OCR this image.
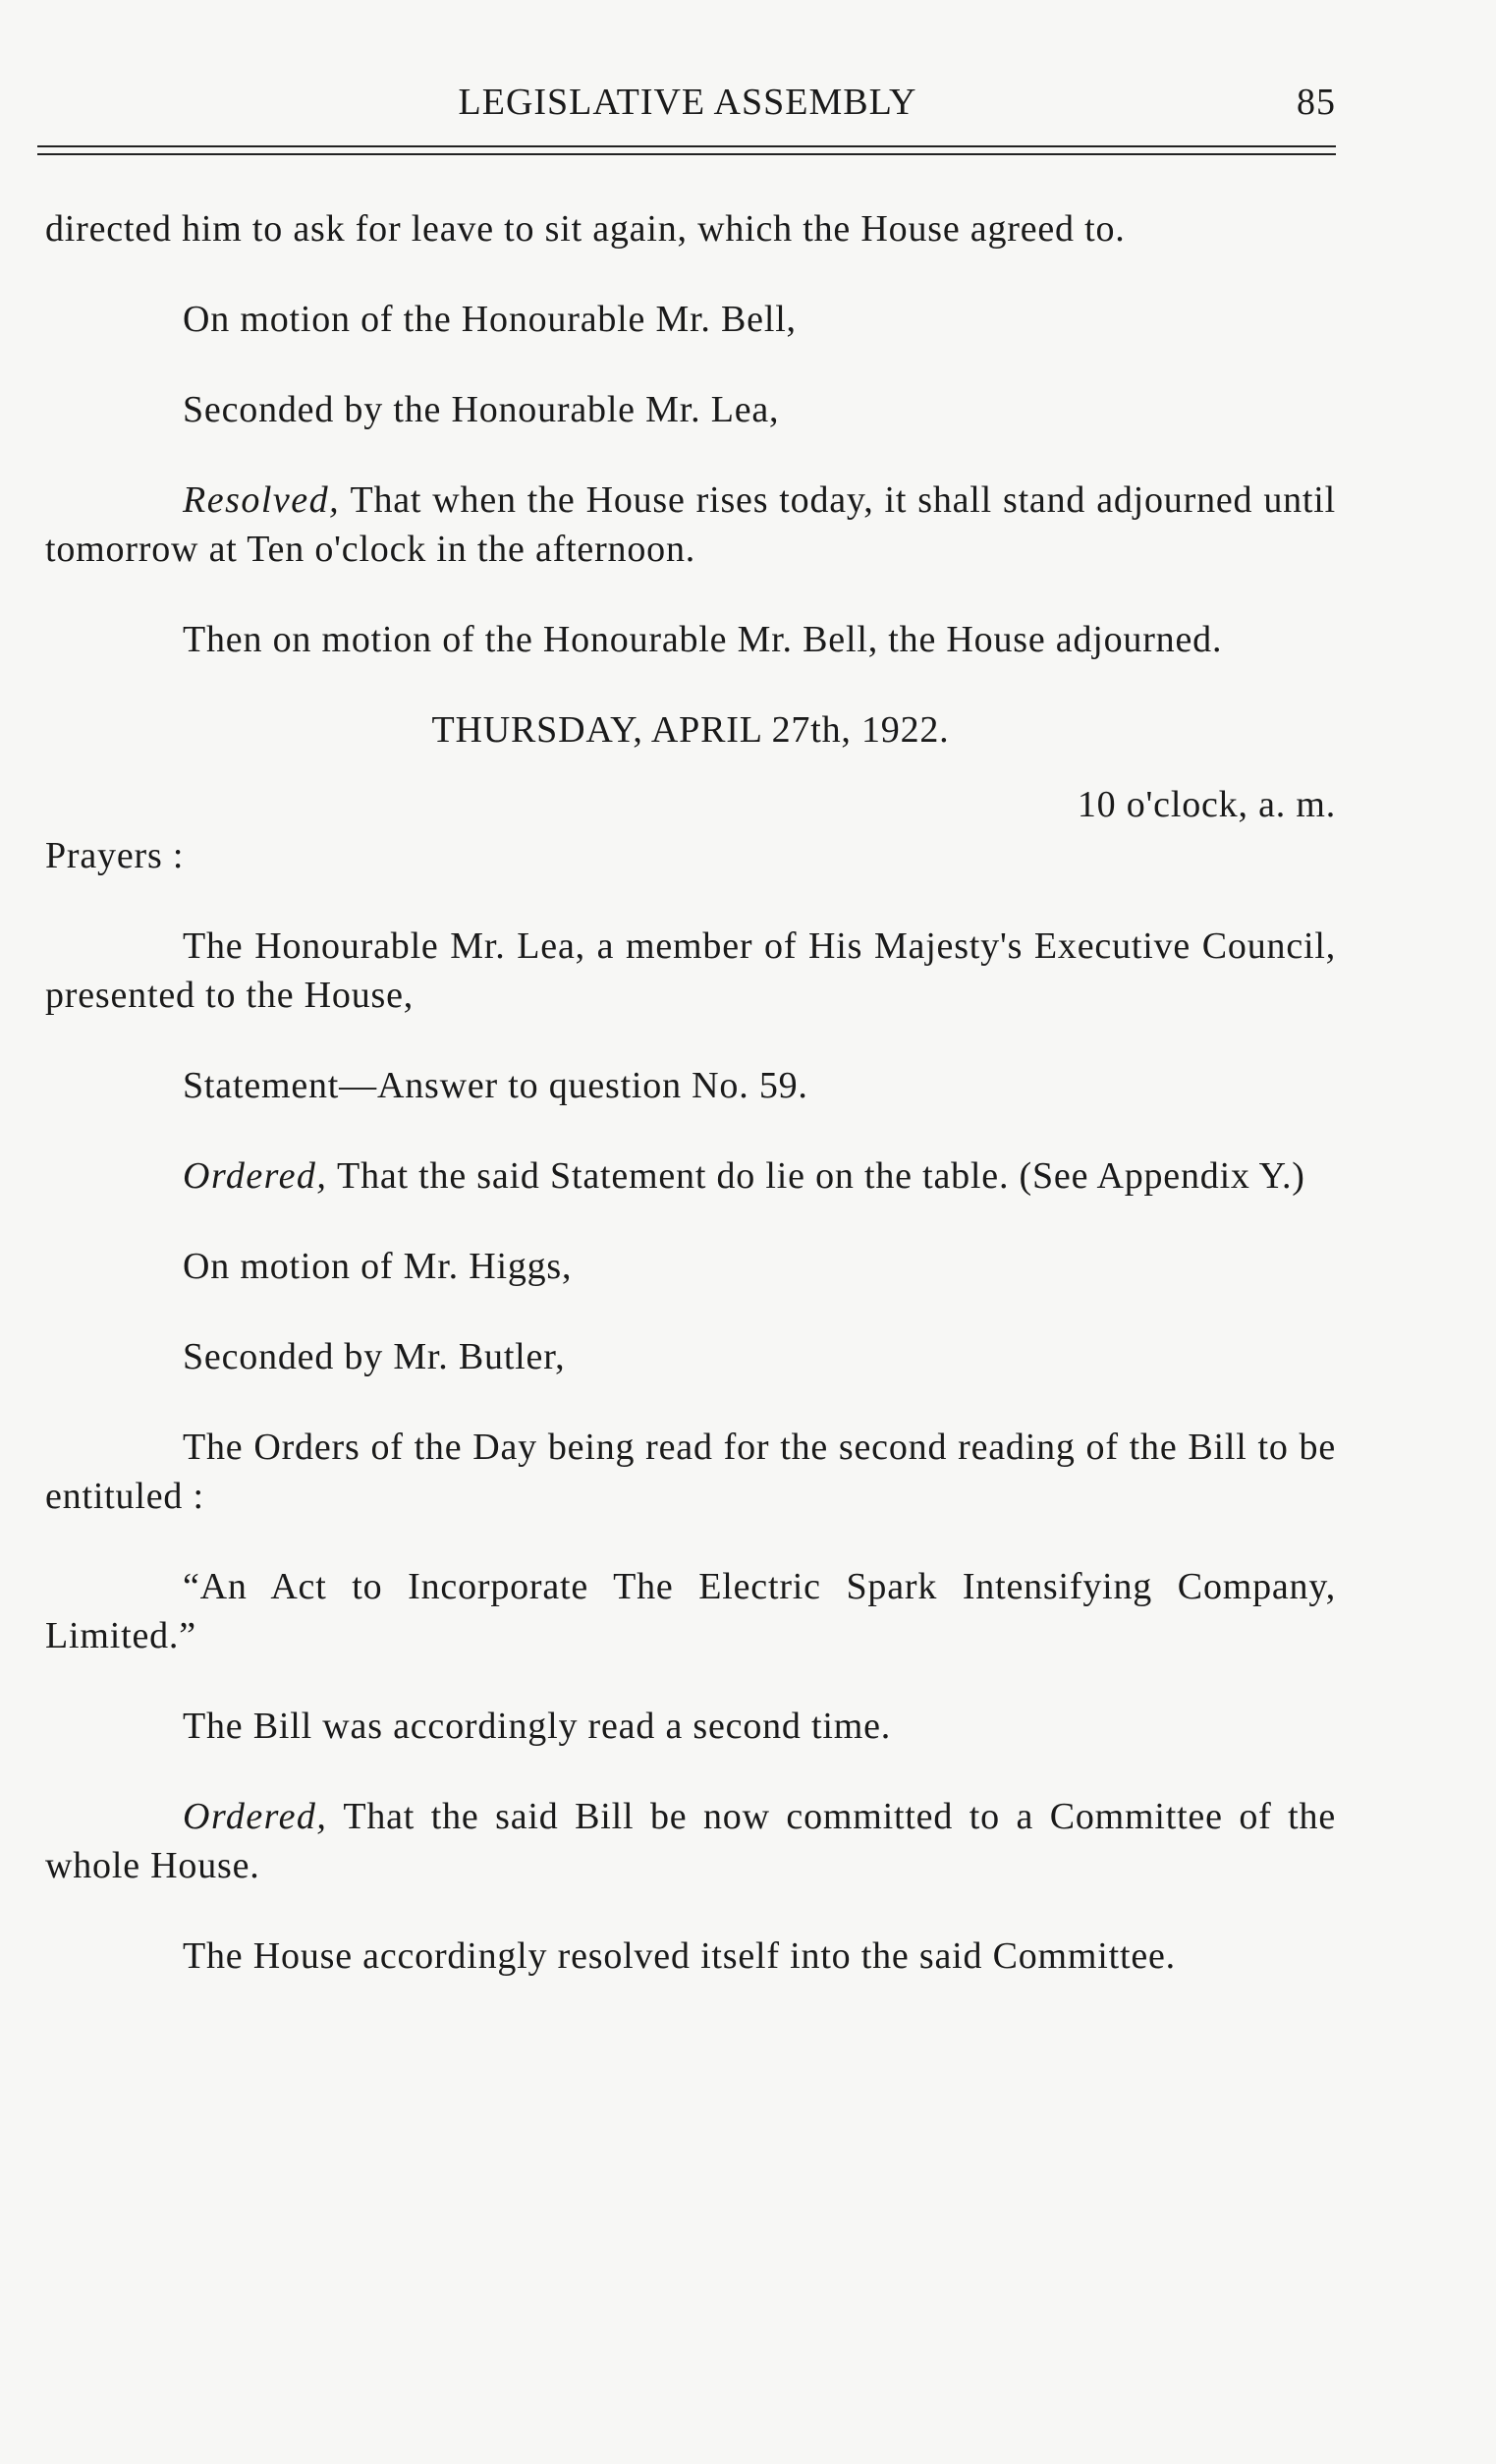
LEGISLATIVE ASSEMBLY	85

directed him to ask for leave to sit again, which the House agreed to.

On motion of the Honourable Mr. Bell,

Seconded by the Honourable Mr. Lea,

Resolved, That when the House rises today, it shall stand adjourned until tomorrow at Ten o'clock in the afternoon.

Then on motion of the Honourable Mr. Bell, the House adjourned.

THURSDAY, APRIL 27th, 1922.

10 o'clock, a. m.

Prayers :

The Honourable Mr. Lea, a member of His Majesty's Executive Council, presented to the House,

Statement—Answer to question No. 59.

Ordered, That the said Statement do lie on the table. (See Appendix Y.)

On motion of Mr. Higgs,

Seconded by Mr. Butler,

The Orders of the Day being read for the second reading of the Bill to be entituled :

“An Act to Incorporate The Electric Spark Intensifying Company, Limited.”

The Bill was accordingly read a second time.

Ordered, That the said Bill be now committed to a Committee of the whole House.

The House accordingly resolved itself into the said Committee.
